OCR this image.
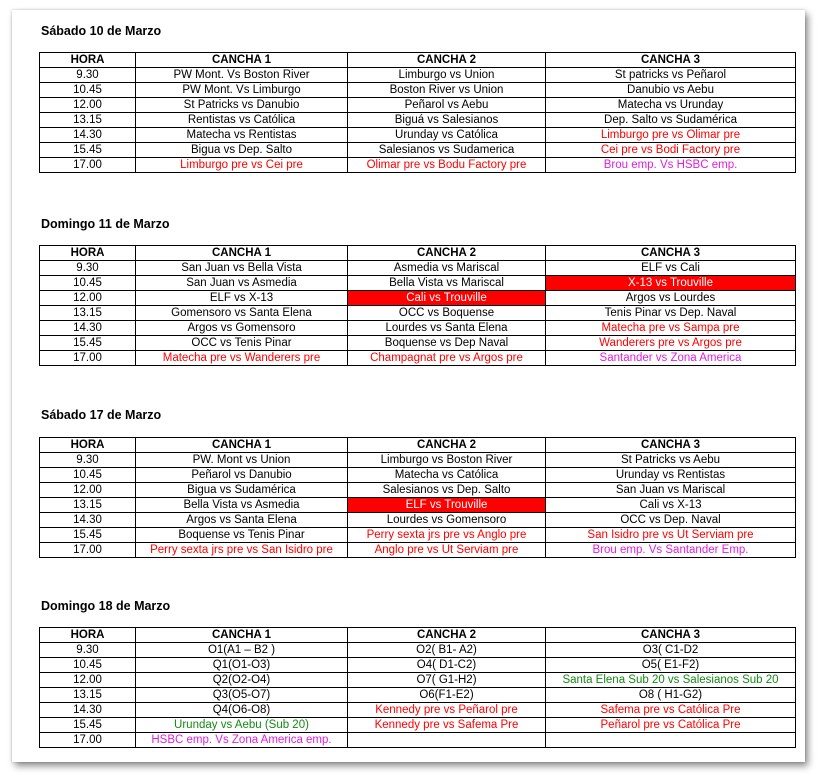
Sábado 10 de Marzo
HORA	CANCHA 1	CANCHA 2	CANCHA 3
9.30	PW Mont. Vs Boston River	Limburgo vs Union	St patricks vs Peñarol
10.45	PW Mont. Vs Limburgo	Boston River vs Union	Danubio vs Aebu
12.00	St Patricks vs Danubio	Peñarol vs Aebu	Matecha vs Urunday
13.15	Rentistas vs Católica	Biguá vs Salesianos	Dep. Salto vs Sudamérica
14.30	Matecha vs Rentistas	Urunday vs Católica	Limburgo pre vs Olimar pre
15.45	Bigua vs Dep. Salto	Salesianos vs Sudamerica	Cei pre vs Bodi Factory pre
17.00	Limburgo pre vs Cei pre	Olimar pre vs Bodu Factory pre	Brou emp. Vs HSBC emp.
Domingo 11 de Marzo
HORA	CANCHA 1	CANCHA 2	CANCHA 3
9.30	San Juan vs Bella Vista	Asmedia vs Mariscal	ELF vs Cali
10.45	San Juan vs Asmedia	Bella Vista vs Mariscal	X-13 vs Trouville
12.00	ELF vs X-13	Cali vs Trouville	Argos vs Lourdes
13.15	Gomensoro vs Santa Elena	OCC vs Boquense	Tenis Pinar vs Dep. Naval
14.30	Argos vs Gomensoro	Lourdes vs Santa Elena	Matecha pre vs Sampa pre
15.45	OCC vs Tenis Pinar	Boquense vs Dep Naval	Wanderers pre vs Argos pre
17.00	Matecha pre vs Wanderers pre	Champagnat pre vs Argos pre	Santander vs Zona America
Sábado 17 de Marzo
HORA	CANCHA 1	CANCHA 2	CANCHA 3
9.30	PW. Mont vs Union	Limburgo vs Boston River	St Patricks vs Aebu
10.45	Peñarol vs Danubio	Matecha vs Católica	Urunday vs Rentistas
12.00	Bigua vs Sudamérica	Salesianos vs Dep. Salto	San Juan vs Mariscal
13.15	Bella Vista vs Asmedia	ELF vs Trouville	Cali vs X-13
14.30	Argos vs Santa Elena	Lourdes vs Gomensoro	OCC vs Dep. Naval
15.45	Boquense vs Tenis Pinar	Perry sexta jrs pre vs Anglo pre	San Isidro pre vs Ut Serviam pre
17.00	Perry sexta jrs pre vs San Isidro pre	Anglo pre vs Ut Serviam pre	Brou emp. Vs Santander Emp.
Domingo 18 de Marzo
HORA	CANCHA 1	CANCHA 2	CANCHA 3
9.30	O1(A1 – B2 )	O2( B1- A2)	O3( C1-D2
10.45	Q1(O1-O3)	O4( D1-C2)	O5( E1-F2)
12.00	Q2(O2-O4)	O7( G1-H2)	Santa Elena Sub 20 vs Salesianos Sub 20
13.15	Q3(O5-O7)	O6(F1-E2)	O8 ( H1-G2)
14.30	Q4(O6-O8)	Kennedy pre vs Peñarol pre	Safema pre vs Católica Pre
15.45	Urunday vs Aebu (Sub 20)	Kennedy pre vs Safema Pre	Peñarol pre vs Católica Pre
17.00	HSBC emp. Vs Zona America emp.		
